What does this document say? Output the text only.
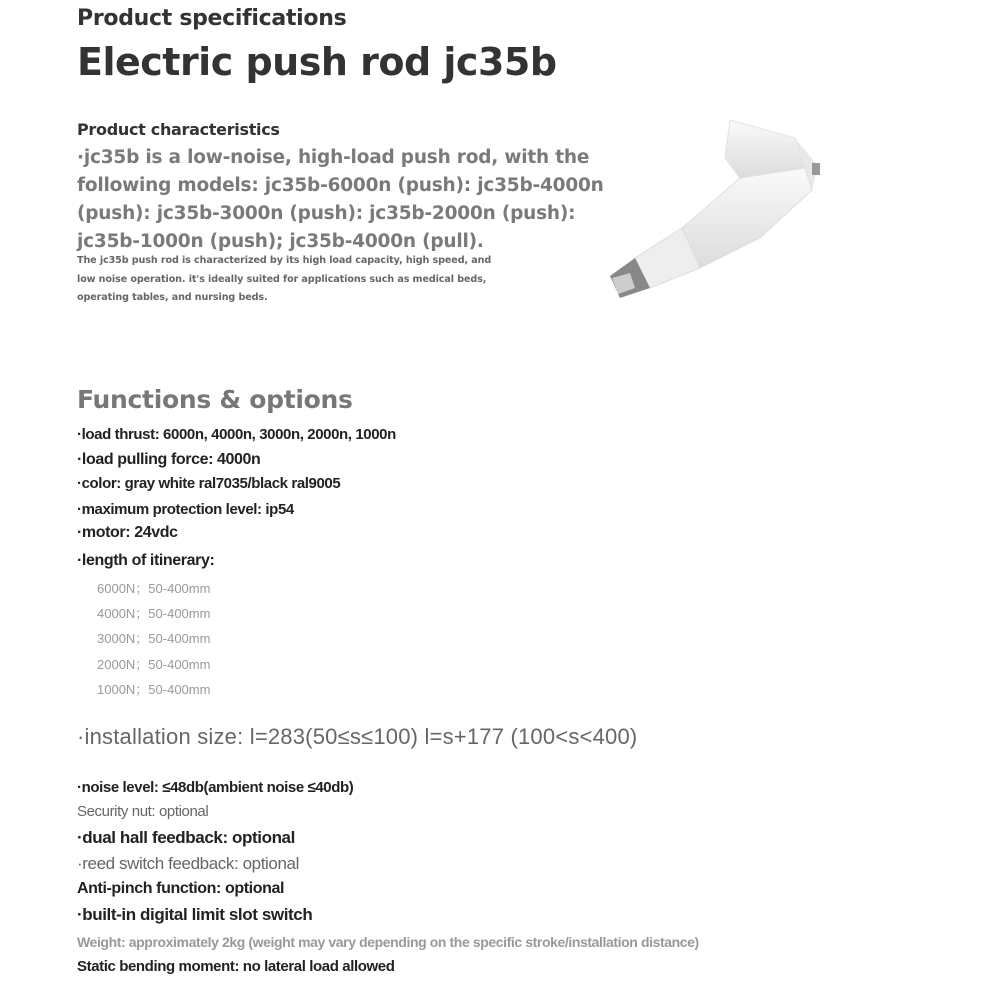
Product specifications

Electric push rod jc35b

Product characteristics

·jc35b is a low-noise, high-load push rod, with the

following models: jc35b-6000n (push): jc35b-4000n

(push): jc35b-3000n (push): jc35b-2000n (push):

jc35b-1000n (push); jc35b-4000n (pull).

The jc35b push rod is characterized by its high load capacity, high speed, and

low noise operation. it's ideally suited for applications such as medical beds,

operating tables, and nursing beds.

Functions & options

·load thrust: 6000n, 4000n, 3000n, 2000n, 1000n

·load pulling force: 4000n

·color: gray white ral7035/black ral9005

·maximum protection level: ip54

·motor: 24vdc

·length of itinerary:

6000N；50-400mm

4000N；50-400mm

3000N；50-400mm

2000N；50-400mm

1000N；50-400mm

·installation size: l=283(50≤s≤100) l=s+177 (100<s<400)

·noise level: ≤48db(ambient noise ≤40db)

Security nut: optional

·dual hall feedback: optional

·reed switch feedback: optional

Anti-pinch function: optional

·built-in digital limit slot switch

Weight: approximately 2kg (weight may vary depending on the specific stroke/installation distance)

Static bending moment: no lateral load allowed
